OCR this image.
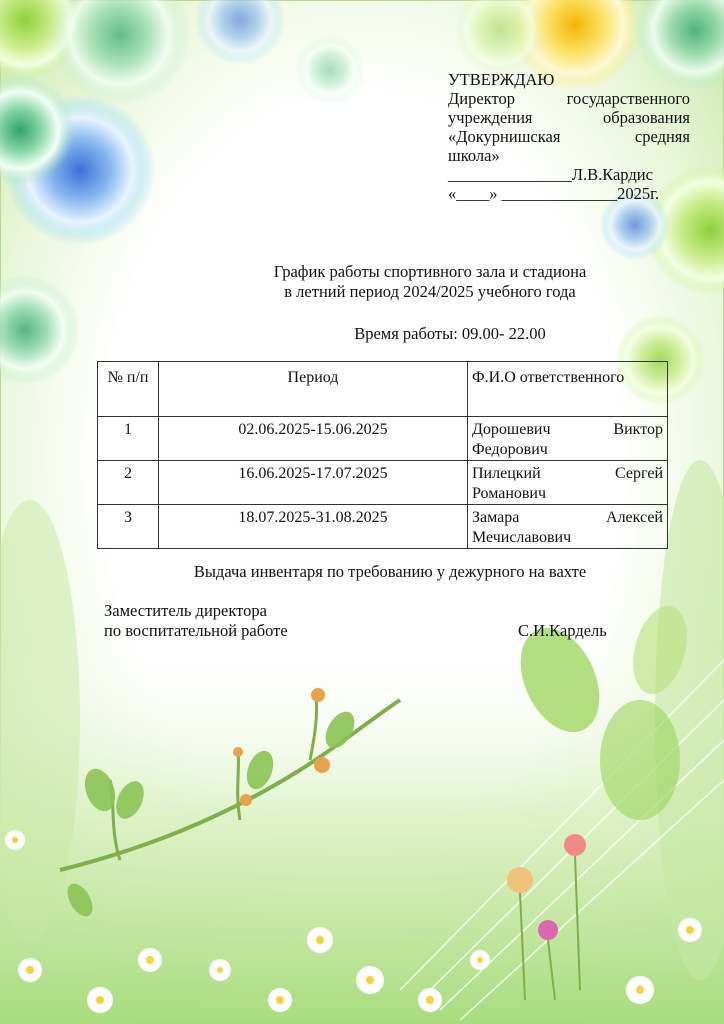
УТВЕРЖДАЮ
Директор государственного
учреждения образования
«Докурнишская средняя
школа»
_______________Л.В.Кардис
«____» ______________2025г.
График работы спортивного зала и стадиона
в летний период 2024/2025 учебного года
Время работы: 09.00- 22.00
№ п/п	Период	Ф.И.О ответственного
1	02.06.2025-15.06.2025	Дорошевич Виктор
Федорович

2	16.06.2025-17.07.2025	Пилецкий Сергей
Романович

3	18.07.2025-31.08.2025	Замара Алексей
Мечиславович
Выдача инвентаря по требованию у дежурного на вахте
Заместитель директора
по воспитательной работе	С.И.Кардель
